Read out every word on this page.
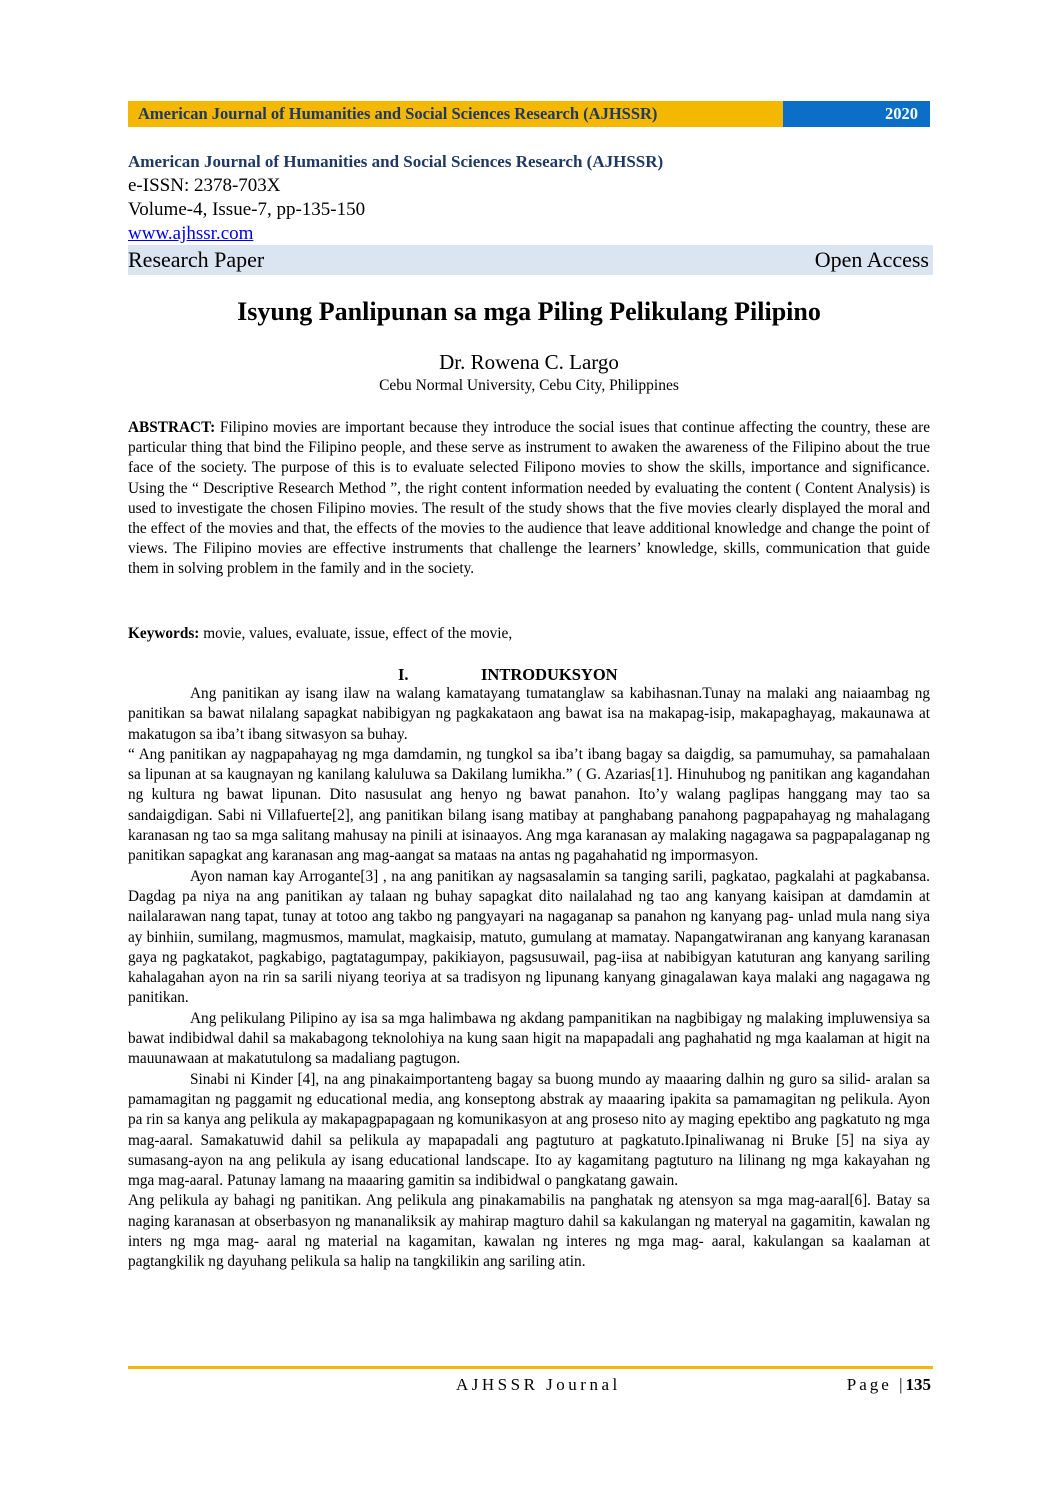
American Journal of Humanities and Social Sciences Research (AJHSSR)	2020
American Journal of Humanities and Social Sciences Research (AJHSSR)
e-ISSN: 2378-703X
Volume-4, Issue-7, pp-135-150
www.ajhssr.com
Research Paper	Open Access
Isyung Panlipunan sa mga Piling Pelikulang Pilipino
Dr. Rowena C. Largo
Cebu Normal University, Cebu City, Philippines

ABSTRACT: Filipino movies are important because they introduce the social isues that continue affecting the country, these are particular thing that bind the Filipino people, and these serve as instrument to awaken the awareness of the Filipino about the true face of the society. The purpose of this is to evaluate selected Filipono movies to show the skills, importance and significance. Using the “ Descriptive Research Method ”, the right content information needed by evaluating the content ( Content Analysis) is used to investigate the chosen Filipino movies. The result of the study shows that the five movies clearly displayed the moral and the effect of the movies and that, the effects of the movies to the audience that leave additional knowledge and change the point of views. The Filipino movies are effective instruments that challenge the learners’ knowledge, skills, communication that guide them in solving problem in the family and in the society.

Keywords: movie, values, evaluate, issue, effect of the movie,
I.	INTRODUKSYON

Ang panitikan ay isang ilaw na walang kamatayang tumatanglaw sa kabihasnan.Tunay na malaki ang naiaambag ng panitikan sa bawat nilalang sapagkat nabibigyan ng pagkakataon ang bawat isa na makapag-isip, makapaghayag, makaunawa at makatugon sa iba’t ibang sitwasyon sa buhay.

“ Ang panitikan ay nagpapahayag ng mga damdamin, ng tungkol sa iba’t ibang bagay sa daigdig, sa pamumuhay, sa pamahalaan sa lipunan at sa kaugnayan ng kanilang kaluluwa sa Dakilang lumikha.” ( G. Azarias[1]. Hinuhubog ng panitikan ang kagandahan ng kultura ng bawat lipunan. Dito nasusulat ang henyo ng bawat panahon. Ito’y walang paglipas hanggang may tao sa sandaigdigan. Sabi ni Villafuerte[2], ang panitikan bilang isang matibay at panghabang panahong pagpapahayag ng mahalagang karanasan ng tao sa mga salitang mahusay na pinili at isinaayos. Ang mga karanasan ay malaking nagagawa sa pagpapalaganap ng panitikan sapagkat ang karanasan ang mag-aangat sa mataas na antas ng pagahahatid ng impormasyon.

Ayon naman kay Arrogante[3] , na ang panitikan ay nagsasalamin sa tanging sarili, pagkatao, pagkalahi at pagkabansa. Dagdag pa niya na ang panitikan ay talaan ng buhay sapagkat dito nailalahad ng tao ang kanyang kaisipan at damdamin at nailalarawan nang tapat, tunay at totoo ang takbo ng pangyayari na nagaganap sa panahon ng kanyang pag- unlad mula nang siya ay binhiin, sumilang, magmusmos, mamulat, magkaisip, matuto, gumulang at mamatay. Napangatwiranan ang kanyang karanasan gaya ng pagkatakot, pagkabigo, pagtatagumpay, pakikiayon, pagsusuwail, pag-iisa at nabibigyan katuturan ang kanyang sariling kahalagahan ayon na rin sa sarili niyang teoriya at sa tradisyon ng lipunang kanyang ginagalawan kaya malaki ang nagagawa ng panitikan.

Ang pelikulang Pilipino ay isa sa mga halimbawa ng akdang pampanitikan na nagbibigay ng malaking impluwensiya sa bawat indibidwal dahil sa makabagong teknolohiya na kung saan higit na mapapadali ang paghahatid ng mga kaalaman at higit na mauunawaan at makatutulong sa madaliang pagtugon.

Sinabi ni Kinder [4], na ang pinakaimportanteng bagay sa buong mundo ay maaaring dalhin ng guro sa silid- aralan sa pamamagitan ng paggamit ng educational media, ang konseptong abstrak ay maaaring ipakita sa pamamagitan ng pelikula. Ayon pa rin sa kanya ang pelikula ay makapagpapagaan ng komunikasyon at ang proseso nito ay maging epektibo ang pagkatuto ng mga mag-aaral. Samakatuwid dahil sa pelikula ay mapapadali ang pagtuturo at pagkatuto.Ipinaliwanag ni Bruke [5] na siya ay sumasang-ayon na ang pelikula ay isang educational landscape. Ito ay kagamitang pagtuturo na lilinang ng mga kakayahan ng mga mag-aaral. Patunay lamang na maaaring gamitin sa indibidwal o pangkatang gawain.

Ang pelikula ay bahagi ng panitikan. Ang pelikula ang pinakamabilis na panghatak ng atensyon sa mga mag-aaral[6]. Batay sa naging karanasan at obserbasyon ng mananaliksik ay mahirap magturo dahil sa kakulangan ng materyal na gagamitin, kawalan ng inters ng mga mag- aaral ng material na kagamitan, kawalan ng interes ng mga mag- aaral, kakulangan sa kaalaman at pagtangkilik ng dayuhang pelikula sa halip na tangkilikin ang sariling atin.

AJHSSR Journal	Page |135
